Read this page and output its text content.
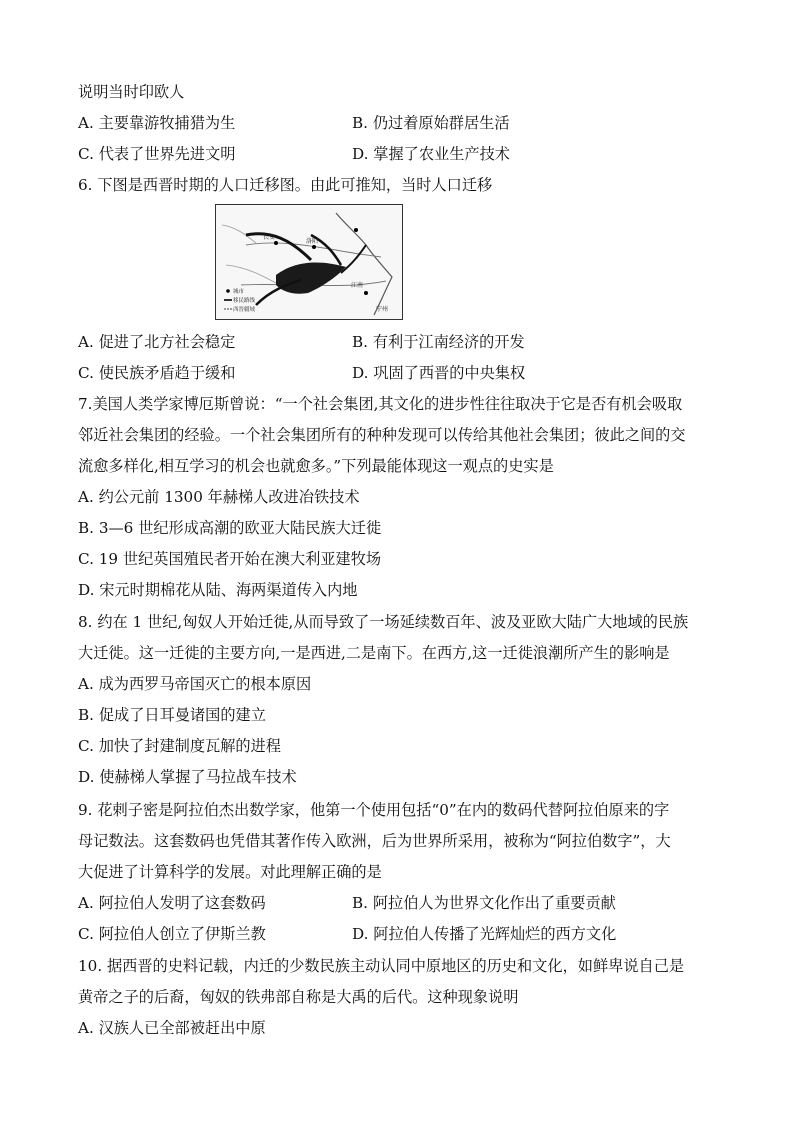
说明当时印欧人
A. 主要靠游牧捕猎为生	B. 仍过着原始群居生活
C. 代表了世界先进文明	D. 掌握了农业生产技术
6. 下图是西晋时期的人口迁移图。由此可推知，当时人口迁移
长安
洛阳
江南
宁州
城市
移民路线
西晋疆域
A. 促进了北方社会稳定	B. 有利于江南经济的开发
C. 使民族矛盾趋于缓和	D. 巩固了西晋的中央集权
7.美国人类学家博厄斯曾说：“一个社会集团,其文化的进步性往往取决于它是否有机会吸取
邻近社会集团的经验。一个社会集团所有的种种发现可以传给其他社会集团；彼此之间的交
流愈多样化,相互学习的机会也就愈多。”下列最能体现这一观点的史实是
A. 约公元前 1300 年赫梯人改进冶铁技术
B. 3—6 世纪形成高潮的欧亚大陆民族大迁徙
C. 19 世纪英国殖民者开始在澳大利亚建牧场
D. 宋元时期棉花从陆、海两渠道传入内地
8. 约在 1 世纪,匈奴人开始迁徙,从而导致了一场延续数百年、波及亚欧大陆广大地域的民族
大迁徙。这一迁徙的主要方向,一是西进,二是南下。在西方,这一迁徙浪潮所产生的影响是
A. 成为西罗马帝国灭亡的根本原因
B. 促成了日耳曼诸国的建立
C. 加快了封建制度瓦解的进程
D. 使赫梯人掌握了马拉战车技术
9. 花剌子密是阿拉伯杰出数学家，他第一个使用包括“0”在内的数码代替阿拉伯原来的字
母记数法。这套数码也凭借其著作传入欧洲，后为世界所采用，被称为“阿拉伯数字”，大
大促进了计算科学的发展。对此理解正确的是
A. 阿拉伯人发明了这套数码	B. 阿拉伯人为世界文化作出了重要贡献
C. 阿拉伯人创立了伊斯兰教	D. 阿拉伯人传播了光辉灿烂的西方文化
10. 据西晋的史料记载，内迁的少数民族主动认同中原地区的历史和文化，如鲜卑说自己是
黄帝之子的后裔，匈奴的铁弗部自称是大禹的后代。这种现象说明
A. 汉族人已全部被赶出中原
